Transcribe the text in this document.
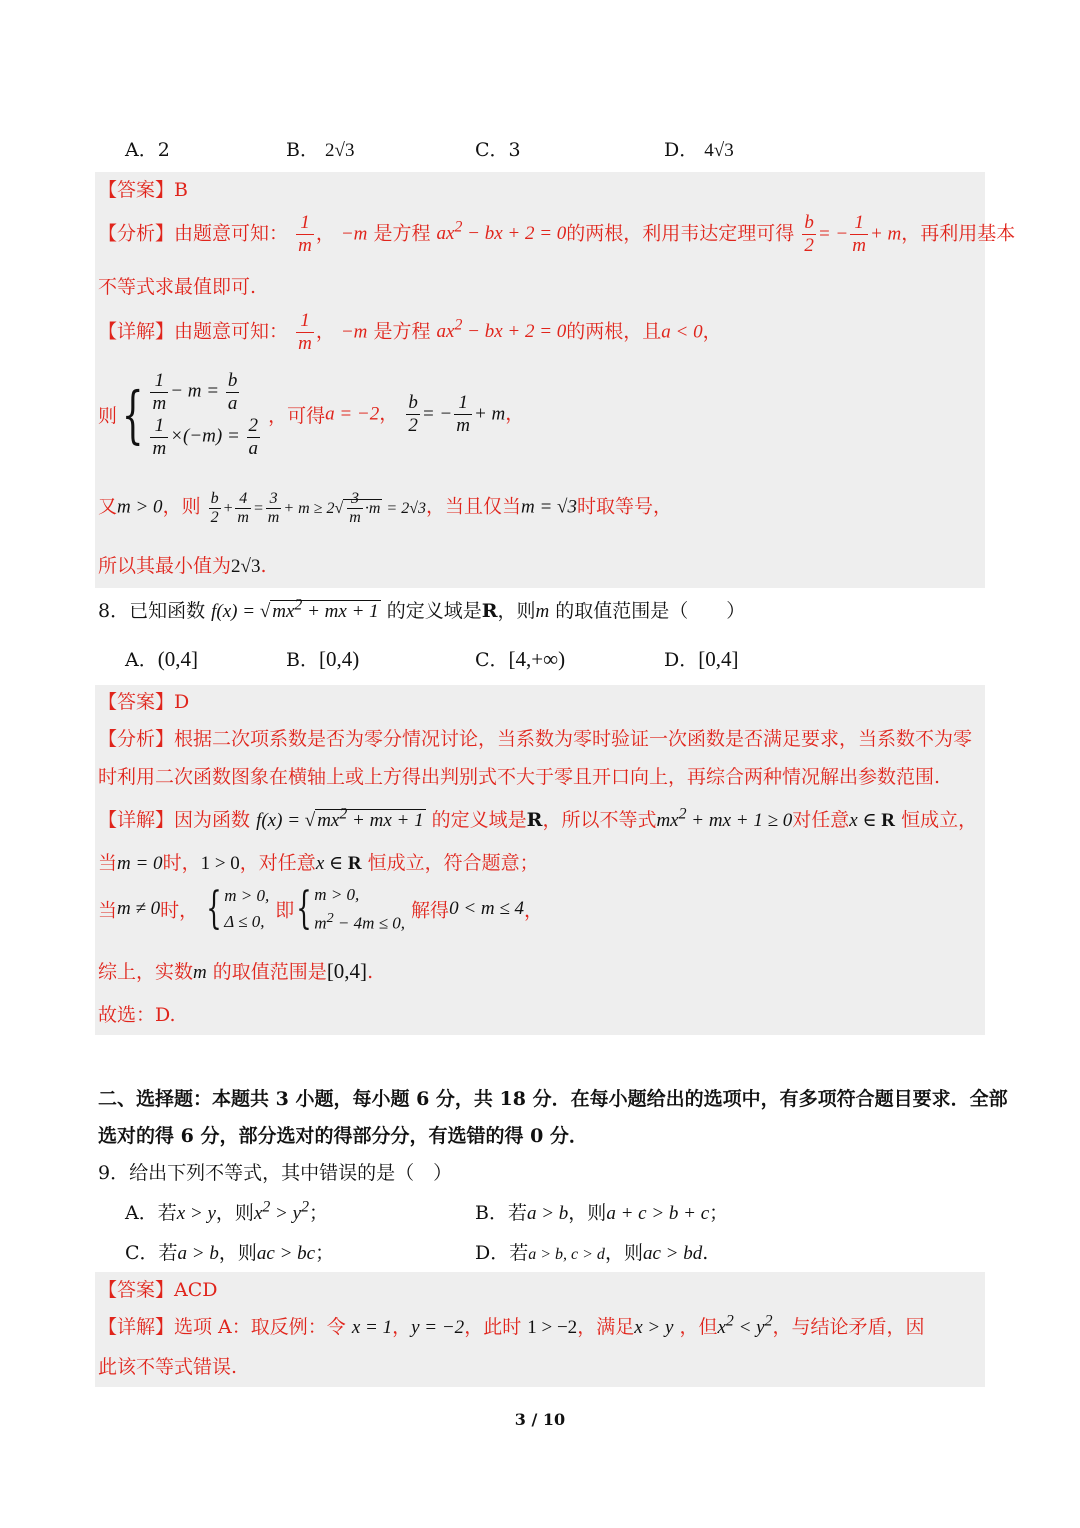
A．2	B． 2√3	C．3	D． 4√3
【答案】B
【分析】由题意可知： $\frac{1}{m}$ ， −m 是方程 $ax^2$ − bx + 2 = 0的两根，利用韦达定理可得 $\frac{b}{2}$ = − $\frac{1}{m} + m$，再利用基本
不等式求最值即可.
【详解】由题意可知： $\frac{1}{m}$ ， −m 是方程 $ax^2$ − bx + 2 = 0的两根，且a < 0，
则{ $\frac{1}{m} - m = \frac{b}{a}$

$\frac{1}{m} \times(-m) = \frac{2}{a}$ ，可得a = −2， $\frac{b}{2}$ = − $\frac{1}{m} + m$，
又m > 0，则 $\frac{b}{2} + \frac{4}{m} = \frac{3}{m} + m \ge 2√ \frac{3}{m} \cdot m = 2√3$，当且仅当m = √3时取等号，
所以其最小值为2√3.
8．已知函数 f(x) = √ $mx^2$ + mx + 1 的定义域是R，则m 的取值范围是（　　）
A．(0,4]	B．[0,4)	C．[4,+∞)	D．[0,4]
【答案】D
【分析】根据二次项系数是否为零分情况讨论，当系数为零时验证一次函数是否满足要求，当系数不为零
时利用二次函数图象在横轴上或上方得出判别式不大于零且开口向上，再综合两种情况解出参数范围.
【详解】因为函数 f(x) = √ $mx^2$ + mx + 1 的定义域是R，所以不等式$mx^2$ + mx + 1 ≥ 0对任意x ∈ R 恒成立，
当m = 0时，1 > 0，对任意x ∈ R 恒成立，符合题意；
当m ≠ 0时， { m > 0,
Δ ≤ 0, 即{ m > 0,
$m^2 - 4m \le 0$, 解得0 < m ≤ 4，
综上，实数m 的取值范围是[0,4].
故选：D.
二、选择题：本题共 3 小题，每小题 6 分，共 18 分．在每小题给出的选项中，有多项符合题目要求．全部
选对的得 6 分，部分选对的得部分分，有选错的得 0 分．
9．给出下列不等式，其中错误的是（　）
A．若x > y，则$x^2 > y^2$；	B．若a > b，则a + c > b + c；
C．若a > b，则ac > bc；	D．若a > b, c > d，则ac > bd.
【答案】ACD
【详解】选项 A：取反例：令 x = 1，y = −2，此时 1 > −2，满足x > y ，但$x^2 < y^2$，与结论矛盾，因
此该不等式错误.
3 / 10
